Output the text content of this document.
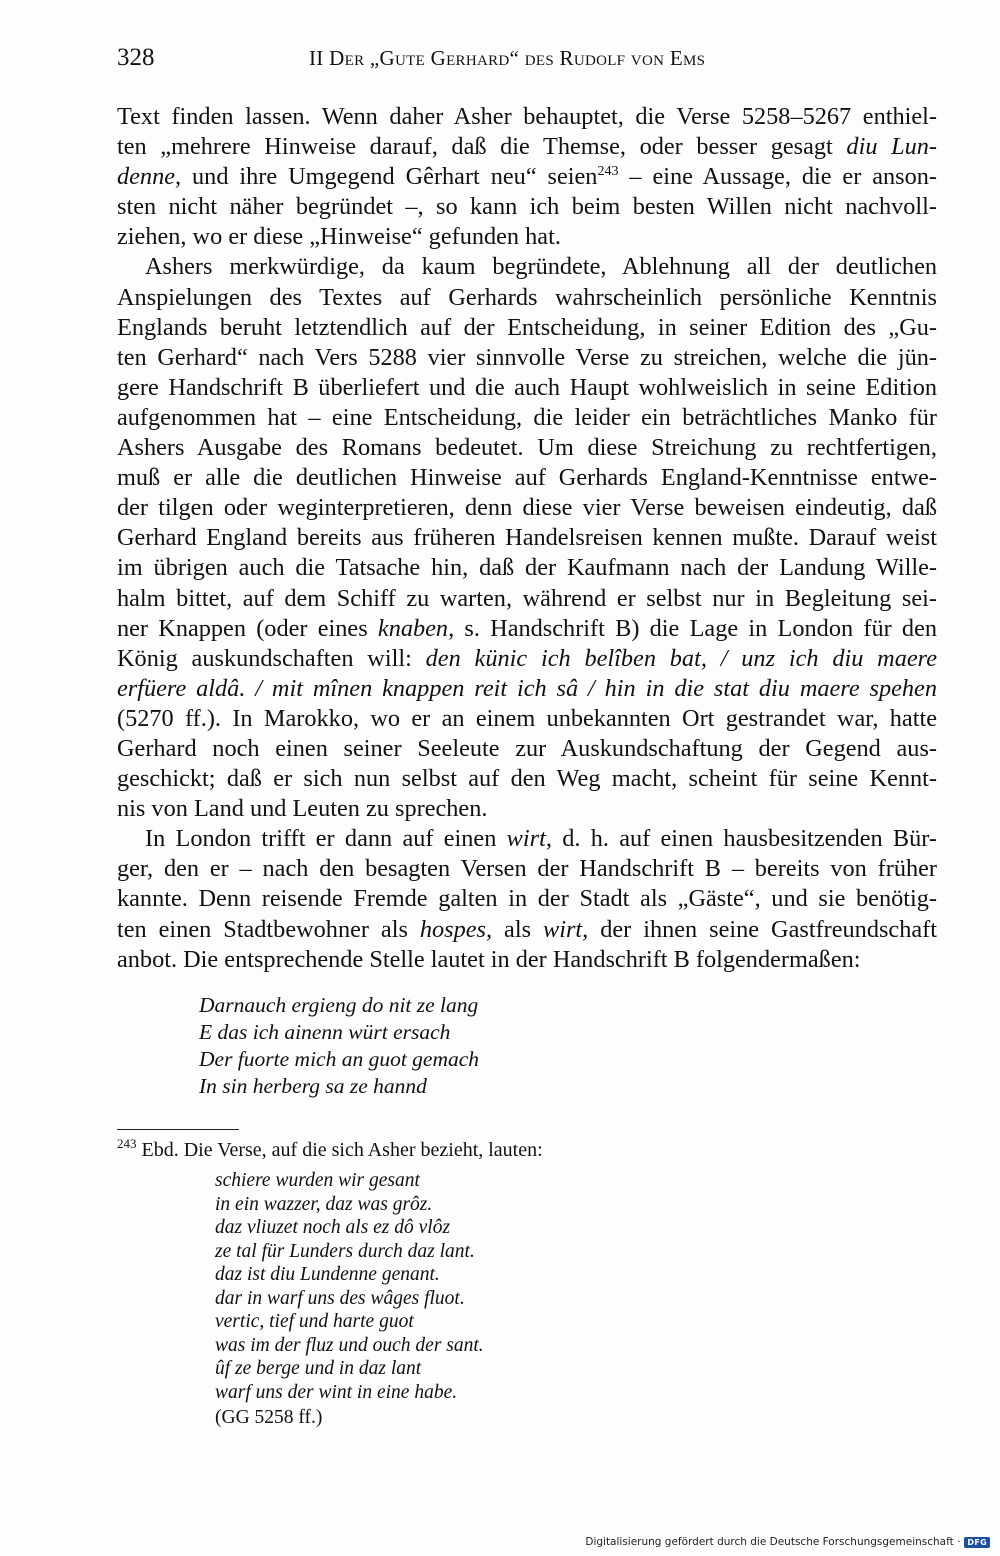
328	II Der „Gute Gerhard“ des Rudolf von Ems

Text finden lassen. Wenn daher Asher behauptet, die Verse 5258–5267 enthiel-
ten „mehrere Hinweise darauf, daß die Themse, oder besser gesagt diu Lun-
denne, und ihre Umgegend Gêrhart neu“ seien$^{243}$ – eine Aussage, die er anson-
sten nicht näher begründet –, so kann ich beim besten Willen nicht nachvoll-
ziehen, wo er diese „Hinweise“ gefunden hat.

Ashers merkwürdige, da kaum begründete, Ablehnung all der deutlichen
Anspielungen des Textes auf Gerhards wahrscheinlich persönliche Kenntnis
Englands beruht letztendlich auf der Entscheidung, in seiner Edition des „Gu-
ten Gerhard“ nach Vers 5288 vier sinnvolle Verse zu streichen, welche die jün-
gere Handschrift B überliefert und die auch Haupt wohlweislich in seine Edition
aufgenommen hat – eine Entscheidung, die leider ein beträchtliches Manko für
Ashers Ausgabe des Romans bedeutet. Um diese Streichung zu rechtfertigen,
muß er alle die deutlichen Hinweise auf Gerhards England-Kenntnisse entwe-
der tilgen oder weginterpretieren, denn diese vier Verse beweisen eindeutig, daß
Gerhard England bereits aus früheren Handelsreisen kennen mußte. Darauf weist
im übrigen auch die Tatsache hin, daß der Kaufmann nach der Landung Wille-
halm bittet, auf dem Schiff zu warten, während er selbst nur in Begleitung sei-
ner Knappen (oder eines knaben, s. Handschrift B) die Lage in London für den
König auskundschaften will: den künic ich belîben bat, / unz ich diu maere
erfüere aldâ. / mit mînen knappen reit ich sâ / hin in die stat diu maere spehen
(5270 ff.). In Marokko, wo er an einem unbekannten Ort gestrandet war, hatte
Gerhard noch einen seiner Seeleute zur Auskundschaftung der Gegend aus-
geschickt; daß er sich nun selbst auf den Weg macht, scheint für seine Kennt-
nis von Land und Leuten zu sprechen.

In London trifft er dann auf einen wirt, d. h. auf einen hausbesitzenden Bür-
ger, den er – nach den besagten Versen der Handschrift B – bereits von früher
kannte. Denn reisende Fremde galten in der Stadt als „Gäste“, und sie benötig-
ten einen Stadtbewohner als hospes, als wirt, der ihnen seine Gastfreundschaft
anbot. Die entsprechende Stelle lautet in der Handschrift B folgendermaßen:

Darnauch ergieng do nit ze lang
E das ich ainenn würt ersach
Der fuorte mich an guot gemach
In sin herberg sa ze hannd
$^{243}$ Ebd. Die Verse, auf die sich Asher bezieht, lauten:
schiere wurden wir gesant
in ein wazzer, daz was grôz.
daz vliuzet noch als ez dô vlôz
ze tal für Lunders durch daz lant.
daz ist diu Lundenne genant.
dar in warf uns des wâges fluot.
vertic, tief und harte guot
was im der fluz und ouch der sant.
ûf ze berge und in daz lant
warf uns der wint in eine habe.
(GG 5258 ff.)
Digitalisierung gefördert durch die Deutsche Forschungsgemeinschaft · DFG
